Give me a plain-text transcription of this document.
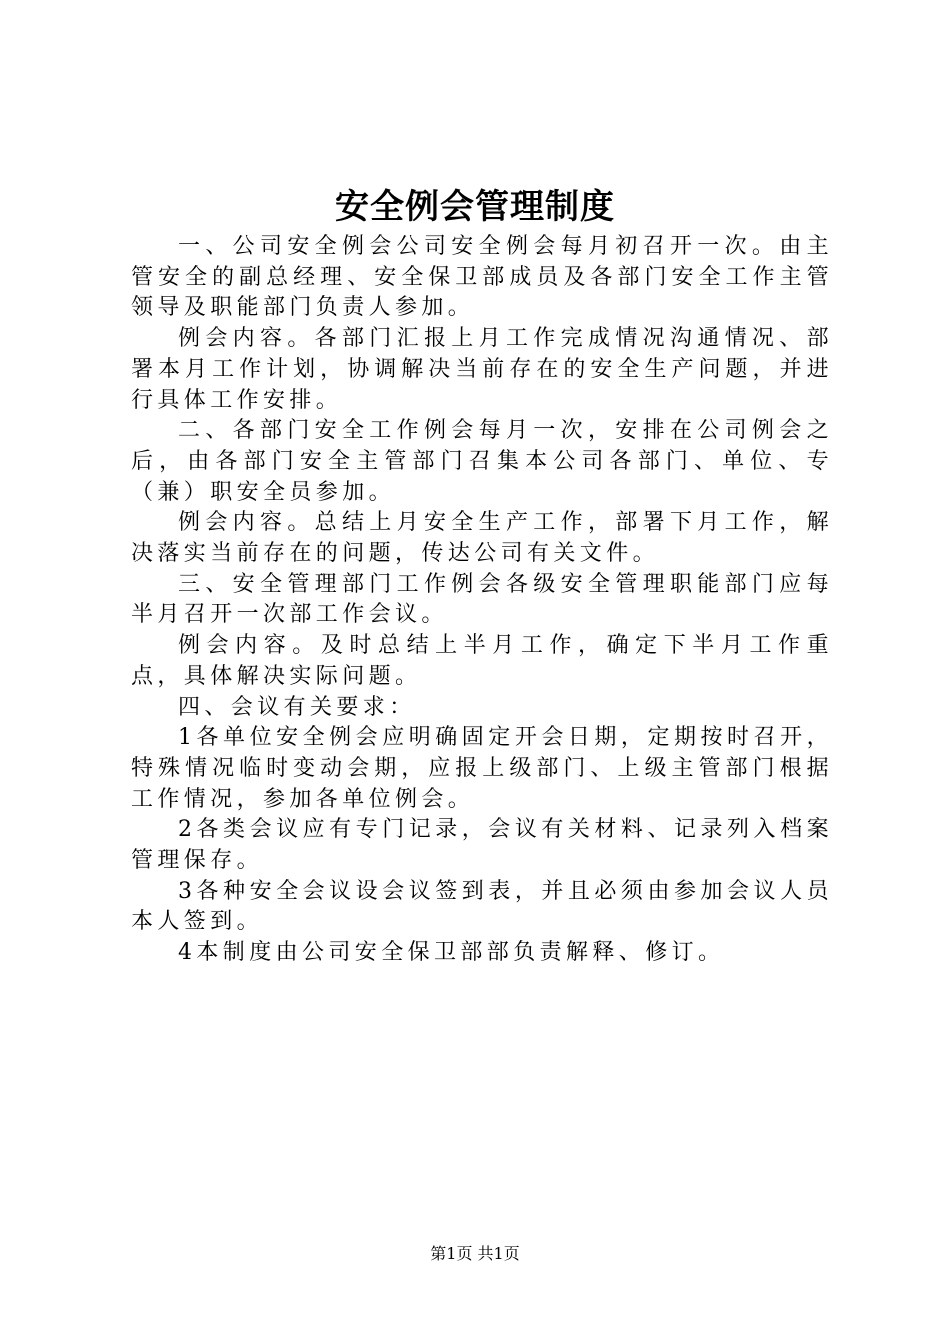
安全例会管理制度

一、公司安全例会公司安全例会每月初召开一次。由主管安全的副总经理、安全保卫部成员及各部门安全工作主管领导及职能部门负责人参加。

例会内容。各部门汇报上月工作完成情况沟通情况、部署本月工作计划，协调解决当前存在的安全生产问题，并进行具体工作安排。

二、各部门安全工作例会每月一次，安排在公司例会之后，由各部门安全主管部门召集本公司各部门、单位、专（兼）职安全员参加。

例会内容。总结上月安全生产工作，部署下月工作，解决落实当前存在的问题，传达公司有关文件。

三、安全管理部门工作例会各级安全管理职能部门应每半月召开一次部工作会议。

例会内容。及时总结上半月工作，确定下半月工作重点，具体解决实际问题。

四、会议有关要求：

1各单位安全例会应明确固定开会日期，定期按时召开，特殊情况临时变动会期，应报上级部门、上级主管部门根据工作情况，参加各单位例会。

2各类会议应有专门记录，会议有关材料、记录列入档案管理保存。

3各种安全会议设会议签到表，并且必须由参加会议人员本人签到。

4本制度由公司安全保卫部部负责解释、修订。

第1页 共1页
